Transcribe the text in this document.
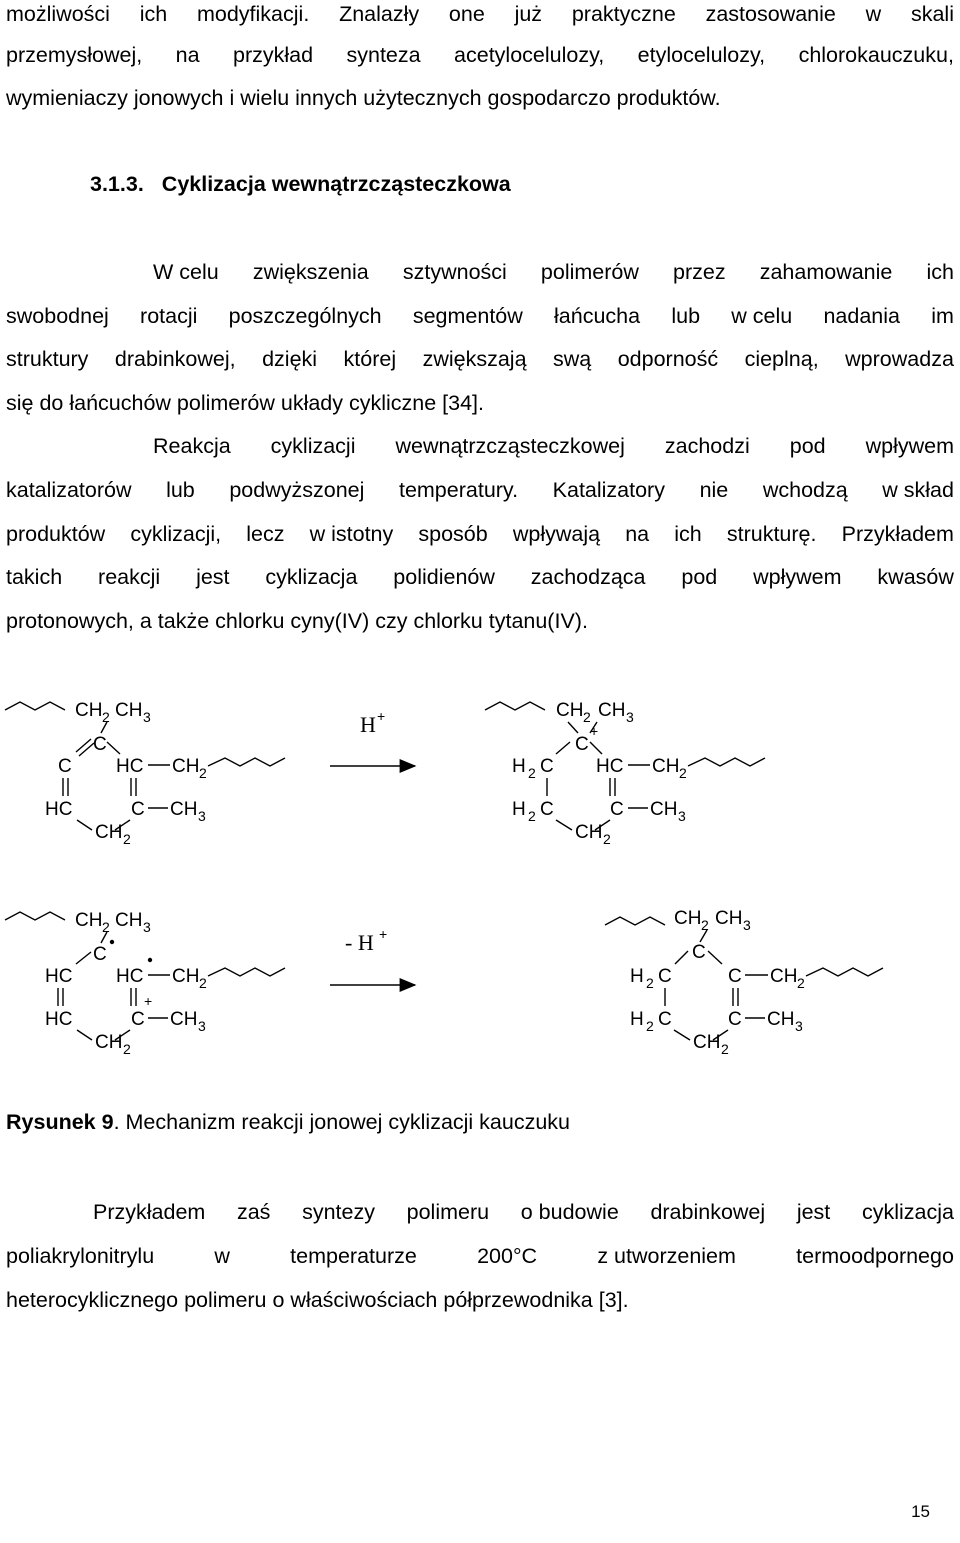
możliwości ich modyfikacji. Znalazły one już praktyczne zastosowanie w skali
przemysłowej, na przykład synteza acetylocelulozy, etylocelulozy, chlorokauczuku,
wymieniaczy jonowych i wielu innych użytecznych gospodarczo produktów.
3.1.3. Cyklizacja wewnątrzcząsteczkowa
W celu zwiększenia sztywności polimerów przez zahamowanie ich
swobodnej rotacji poszczególnych segmentów łańcucha lub w celu nadania im
struktury drabinkowej, dzięki której zwiększają swą odporność cieplną, wprowadza
się do łańcuchów polimerów układy cykliczne [34].
Reakcja cyklizacji wewnątrzcząsteczkowej zachodzi pod wpływem
katalizatorów lub podwyższonej temperatury. Katalizatory nie wchodzą w skład
produktów cyklizacji, lecz w istotny sposób wpływają na ich strukturę. Przykładem
takich reakcji jest cyklizacja polidienów zachodząca pod wpływem kwasów
protonowych, a także chlorku cyny(IV) czy chlorku tytanu(IV).
CH 2 CH 3
C
C HC CH 2
HC	C CH 3
CH 2
H +	CH 2 CH 3
C
+
H 2 C HC CH 2
H 2 C	C CH 3
CH 2
CH 2 CH 3
C
HC HC CH 2
+
HC	C CH 3
CH 2
- H +
CH 2 CH 3
C
H 2 C	C CH 2
H 2 C	C CH 3
CH 2
Rysunek 9. Mechanizm reakcji jonowej cyklizacji kauczuku
Przykładem zaś syntezy polimeru o budowie drabinkowej jest cyklizacja
poliakrylonitrylu	w	temperaturze	200°C	z utworzeniem	termoodpornego
heterocyklicznego polimeru o właściwościach półprzewodnika [3].
15
